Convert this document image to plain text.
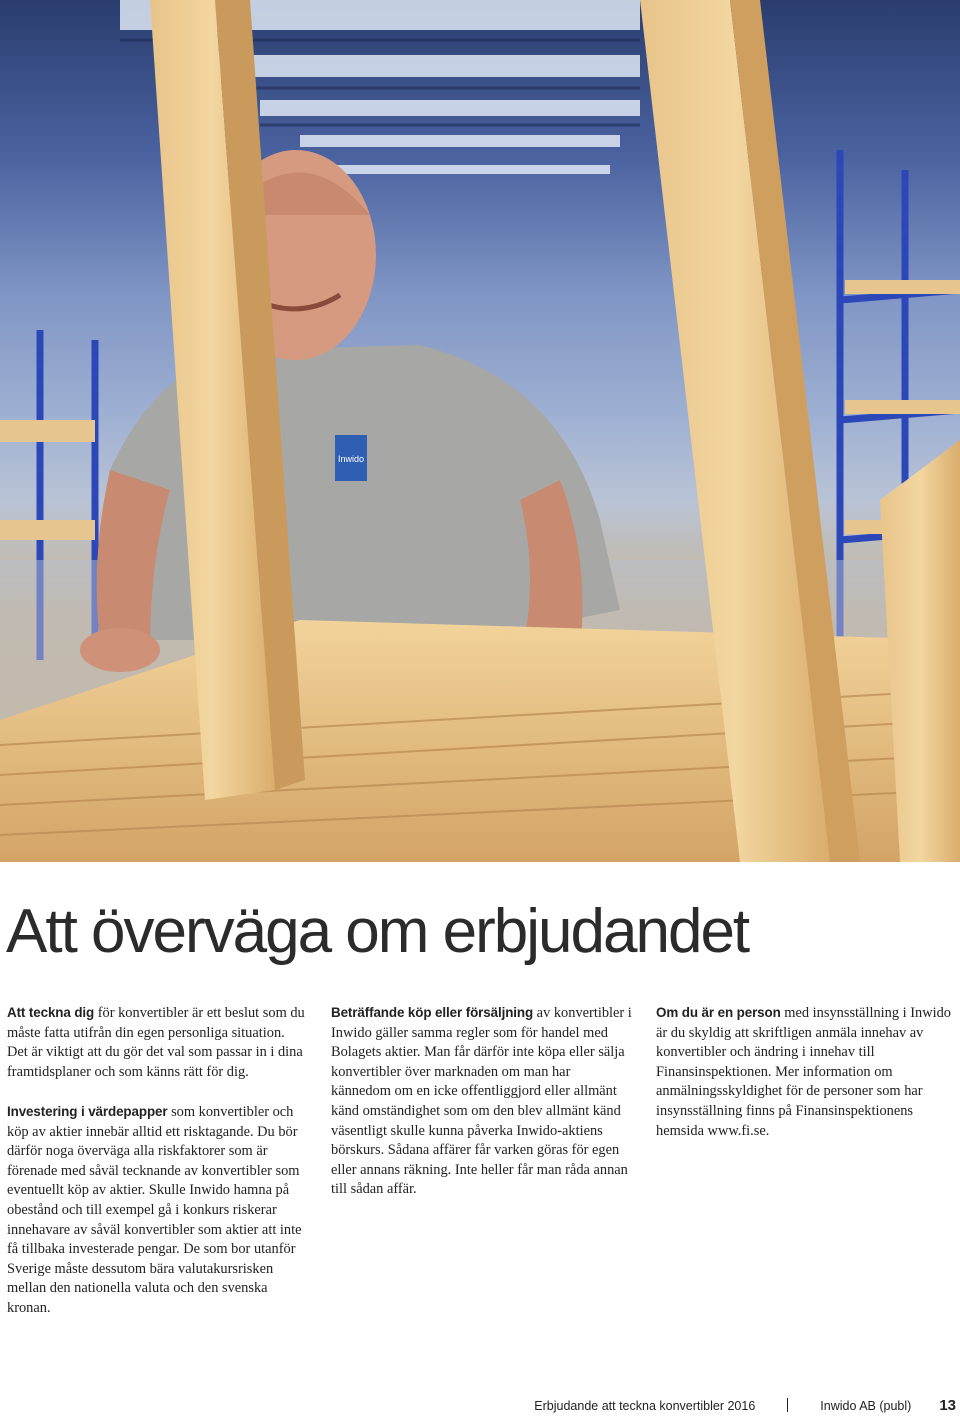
Inwido
Att överväga om erbjudandet

Att teckna dig för konvertibler är ett beslut som du måste fatta utifrån din egen personliga situation. Det är viktigt att du gör det val som passar in i dina framtidsplaner och som känns rätt för dig.

Investering i värdepapper som konvertibler och köp av aktier innebär alltid ett risktagande. Du bör därför noga överväga alla riskfaktorer som är förenade med såväl tecknande av konvertibler som eventuellt köp av aktier. Skulle Inwido hamna på obestånd och till exempel gå i konkurs riskerar innehavare av såväl konvertibler som aktier att inte få tillbaka investerade pengar. De som bor utanför Sverige måste dessutom bära valutakursrisken mellan den nationella valuta och den svenska kronan.

Beträffande köp eller försäljning av konvertibler i Inwido gäller samma regler som för handel med Bolagets aktier. Man får därför inte köpa eller sälja konvertibler över marknaden om man har kännedom om en icke offentliggjord eller allmänt känd omständighet som om den blev allmänt känd väsentligt skulle kunna påverka Inwido-aktiens börskurs. Sådana affärer får varken göras för egen eller annans räkning. Inte heller får man råda annan till sådan affär.

Om du är en person med insynsställning i Inwido är du skyldig att skriftligen anmäla innehav av konvertibler och ändring i innehav till Finansinspektionen. Mer information om anmälningsskyldighet för de personer som har insynsställning finns på Finansinspektionens hemsida www.fi.se.

Erbjudande att teckna konvertibler 2016	Inwido AB (publ) 13
